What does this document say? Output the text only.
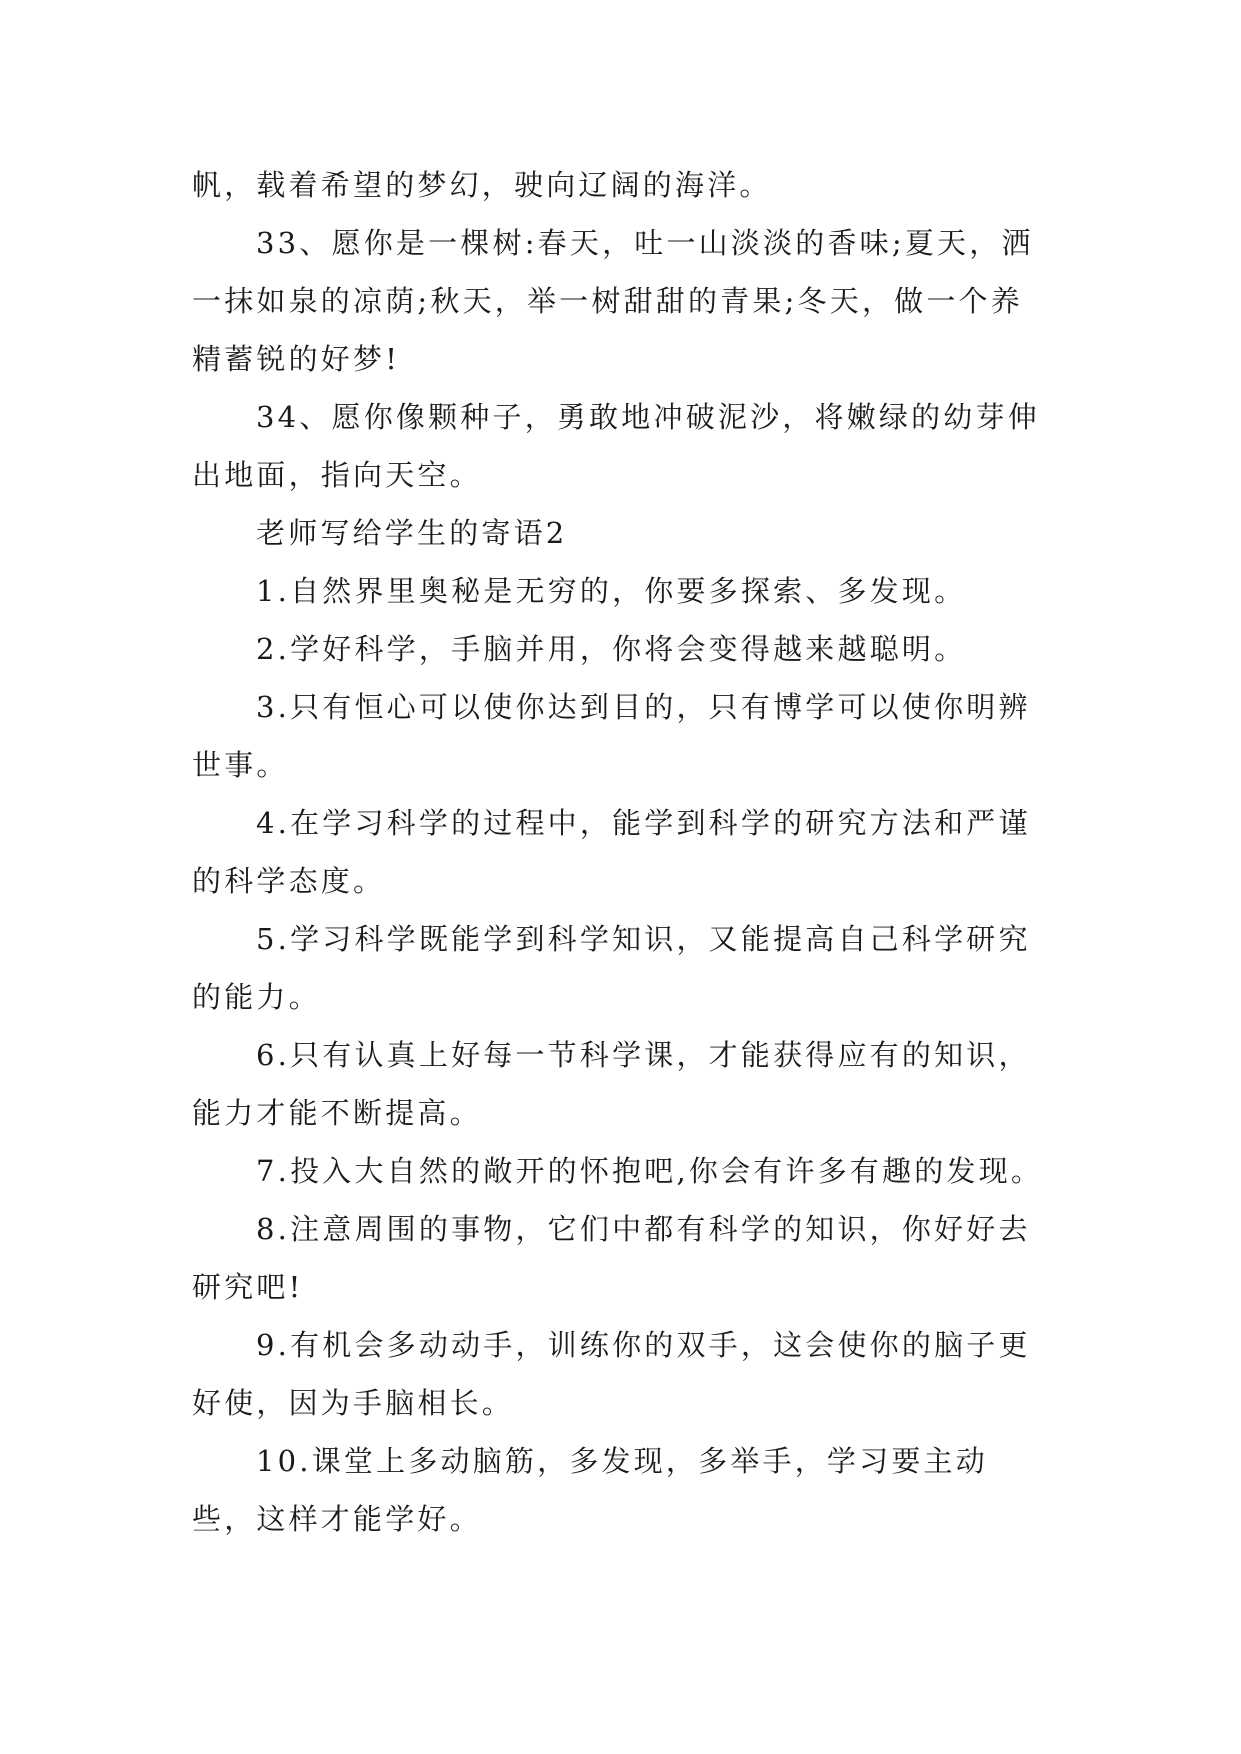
帆，载着希望的梦幻，驶向辽阔的海洋。

33、愿你是一棵树:春天，吐一山淡淡的香味;夏天，洒一抹如泉的凉荫;秋天，举一树甜甜的青果;冬天，做一个养精蓄锐的好梦!

34、愿你像颗种子，勇敢地冲破泥沙，将嫩绿的幼芽伸出地面，指向天空。

老师写给学生的寄语2

1.自然界里奥秘是无穷的，你要多探索、多发现。

2.学好科学，手脑并用，你将会变得越来越聪明。

3.只有恒心可以使你达到目的，只有博学可以使你明辨世事。

4.在学习科学的过程中，能学到科学的研究方法和严谨的科学态度。

5.学习科学既能学到科学知识，又能提高自己科学研究的能力。

6.只有认真上好每一节科学课，才能获得应有的知识，能力才能不断提高。

7.投入大自然的敞开的怀抱吧,你会有许多有趣的发现。

8.注意周围的事物，它们中都有科学的知识，你好好去研究吧!

9.有机会多动动手，训练你的双手，这会使你的脑子更好使，因为手脑相长。

10.课堂上多动脑筋，多发现，多举手，学习要主动些，这样才能学好。
